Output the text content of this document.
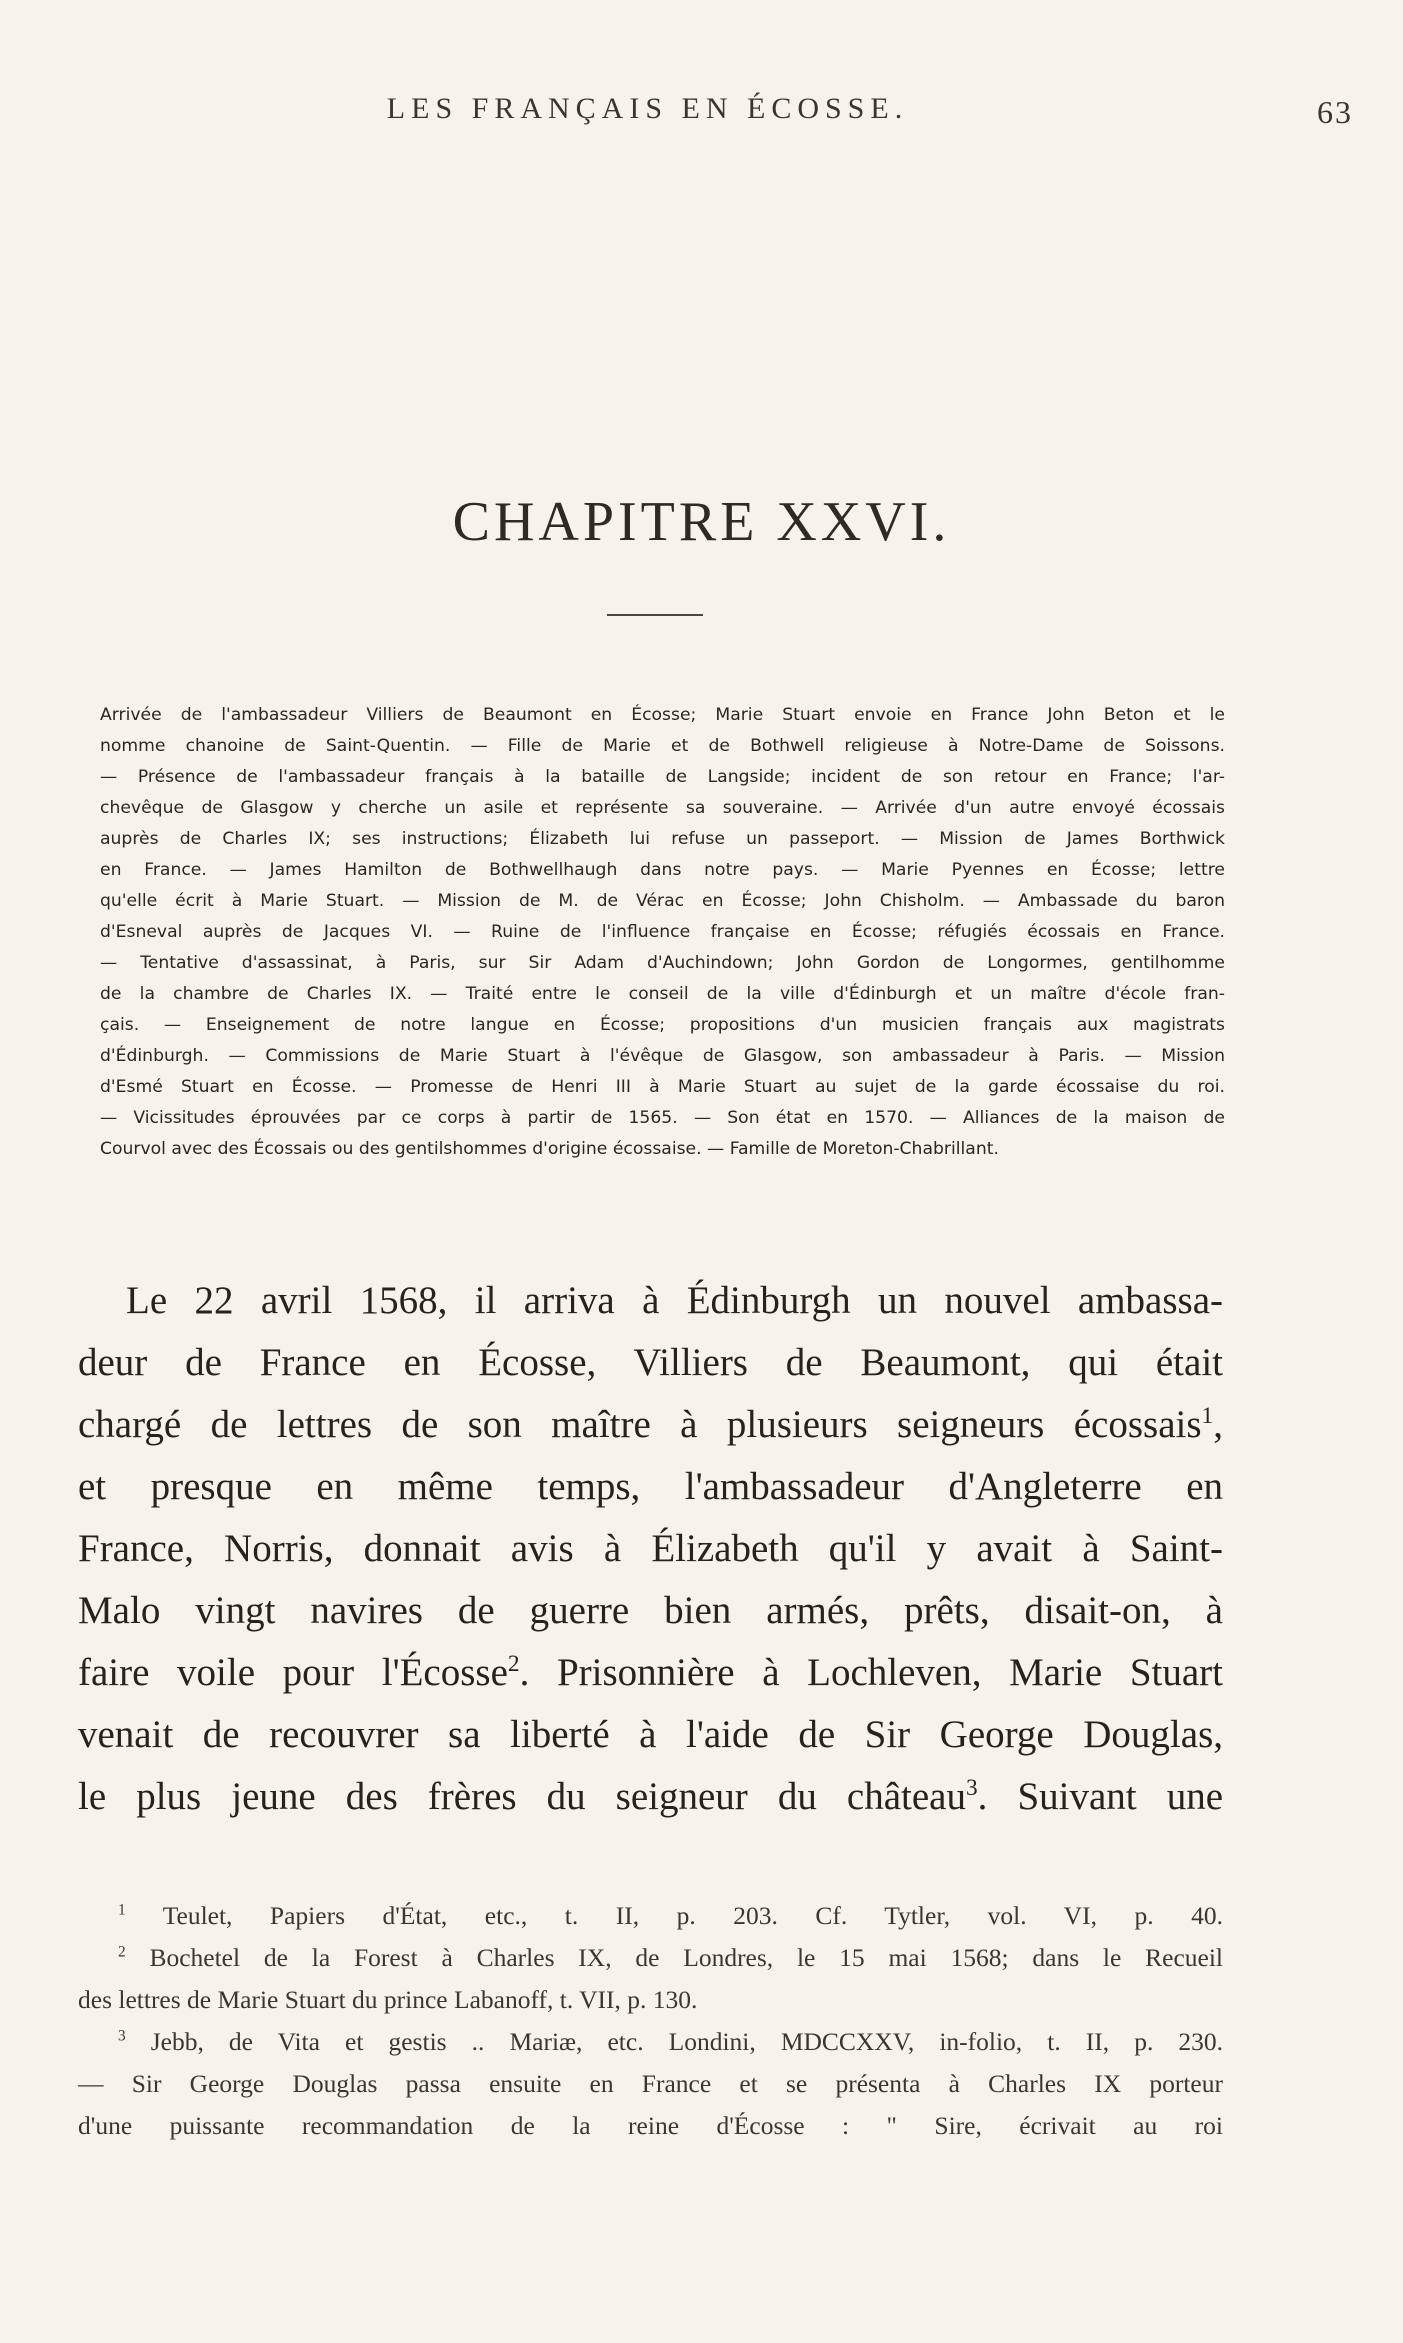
LES FRANÇAIS EN ÉCOSSE.	63
CHAPITRE XXVI.
Arrivée de l'ambassadeur Villiers de Beaumont en Écosse; Marie Stuart envoie en France John Beton et le
nomme chanoine de Saint-Quentin. — Fille de Marie et de Bothwell religieuse à Notre-Dame de Soissons.
— Présence de l'ambassadeur français à la bataille de Langside; incident de son retour en France; l'ar-
chevêque de Glasgow y cherche un asile et représente sa souveraine. — Arrivée d'un autre envoyé écossais
auprès de Charles IX; ses instructions; Élizabeth lui refuse un passeport. — Mission de James Borthwick
en France. — James Hamilton de Bothwellhaugh dans notre pays. — Marie Pyennes en Écosse; lettre
qu'elle écrit à Marie Stuart. — Mission de M. de Vérac en Écosse; John Chisholm. — Ambassade du baron
d'Esneval auprès de Jacques VI. — Ruine de l'influence française en Écosse; réfugiés écossais en France.
— Tentative d'assassinat, à Paris, sur Sir Adam d'Auchindown; John Gordon de Longormes, gentilhomme
de la chambre de Charles IX. — Traité entre le conseil de la ville d'Édinburgh et un maître d'école fran-
çais. — Enseignement de notre langue en Écosse; propositions d'un musicien français aux magistrats
d'Édinburgh. — Commissions de Marie Stuart à l'évêque de Glasgow, son ambassadeur à Paris. — Mission
d'Esmé Stuart en Écosse. — Promesse de Henri III à Marie Stuart au sujet de la garde écossaise du roi.
— Vicissitudes éprouvées par ce corps à partir de 1565. — Son état en 1570. — Alliances de la maison de
Courvol avec des Écossais ou des gentilshommes d'origine écossaise. — Famille de Moreton-Chabrillant.
Le 22 avril 1568, il arriva à Édinburgh un nouvel ambassa-
deur de France en Écosse, Villiers de Beaumont, qui était
chargé de lettres de son maître à plusieurs seigneurs écossais$^1$,
et presque en même temps, l'ambassadeur d'Angleterre en
France, Norris, donnait avis à Élizabeth qu'il y avait à Saint-
Malo vingt navires de guerre bien armés, prêts, disait-on, à
faire voile pour l'Écosse$^2$. Prisonnière à Lochleven, Marie Stuart
venait de recouvrer sa liberté à l'aide de Sir George Douglas,
le plus jeune des frères du seigneur du château$^3$. Suivant une
$^1$ Teulet, Papiers d'État, etc., t. II, p. 203. Cf. Tytler, vol. VI, p. 40.
$^2$ Bochetel de la Forest à Charles IX, de Londres, le 15 mai 1568; dans le Recueil
des lettres de Marie Stuart du prince Labanoff, t. VII, p. 130.
$^3$ Jebb, de Vita et gestis .. Mariæ, etc. Londini, MDCCXXV, in-folio, t. II, p. 230.
— Sir George Douglas passa ensuite en France et se présenta à Charles IX porteur
d'une puissante recommandation de la reine d'Écosse : " Sire, écrivait au roi
